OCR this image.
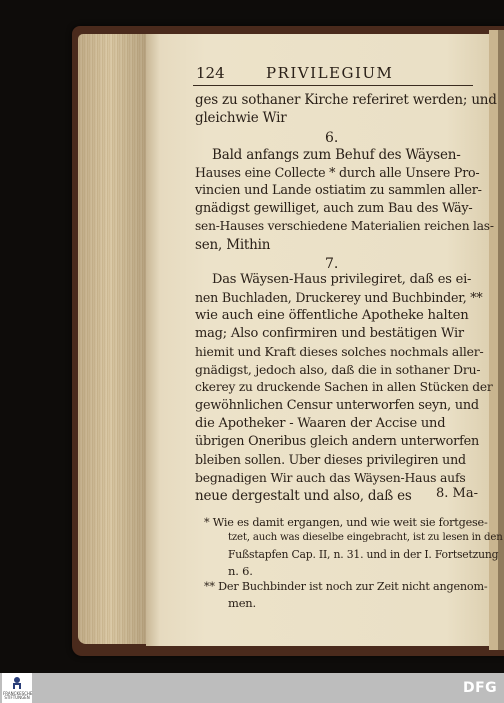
124	PRIVILEGIUM
ges zu sothaner Kirche referiret werden; und
gleichwie Wir
6.
Bald anfangs zum Behuf des Wäysen-
Hauses eine Collecte * durch alle Unsere Pro-
vincien und Lande ostiatim zu sammlen aller-
gnädigst gewilliget, auch zum Bau des Wäy-
sen-Hauses verschiedene Materialien reichen las-
sen, Mithin
7.
Das Wäysen-Haus privilegiret, daß es ei-
nen Buchladen, Druckerey und Buchbinder, **
wie auch eine öffentliche Apotheke halten
mag; Also confirmiren und bestätigen Wir
hiemit und Kraft dieses solches nochmals aller-
gnädigst, jedoch also, daß die in sothaner Dru-
ckerey zu druckende Sachen in allen Stücken der
gewöhnlichen Censur unterworfen seyn, und
die Apotheker - Waaren der Accise und
übrigen Oneribus gleich andern unterworfen
bleiben sollen. Uber dieses privilegiren und
begnadigen Wir auch das Wäysen-Haus aufs
neue dergestalt und also, daß es 8. Ma-
* Wie es damit ergangen, und wie weit sie fortgese-
tzet, auch was dieselbe eingebracht, ist zu lesen in den
Fußstapfen Cap. II, n. 31. und in der I. Fortsetzung
n. 6.
** Der Buchbinder ist noch zur Zeit nicht angenom-
men.
FRANCKESCHE STIFTUNGEN
DFG
